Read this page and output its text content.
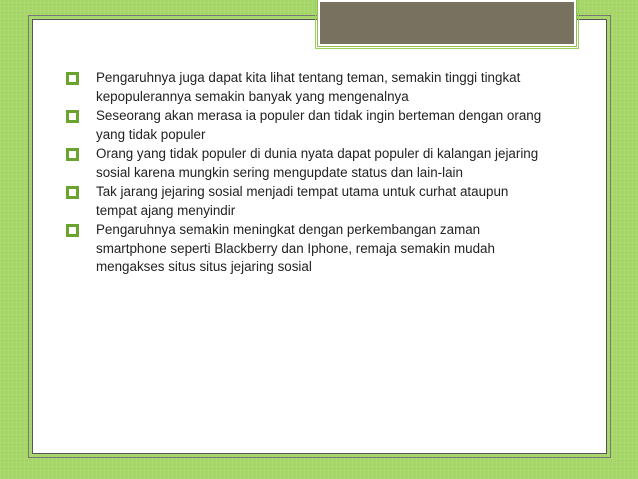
Pengaruhnya juga dapat kita lihat tentang teman, semakin tinggi tingkat kepopulerannya semakin banyak yang mengenalnya
Seseorang akan merasa ia populer dan tidak ingin berteman dengan orang yang tidak populer
Orang yang tidak populer di dunia nyata dapat populer di kalangan jejaring sosial karena mungkin sering mengupdate status dan lain-lain
Tak jarang jejaring sosial menjadi tempat utama untuk curhat ataupun tempat ajang menyindir
Pengaruhnya semakin meningkat dengan perkembangan zaman smartphone seperti Blackberry dan Iphone, remaja semakin mudah mengakses situs situs jejaring sosial
